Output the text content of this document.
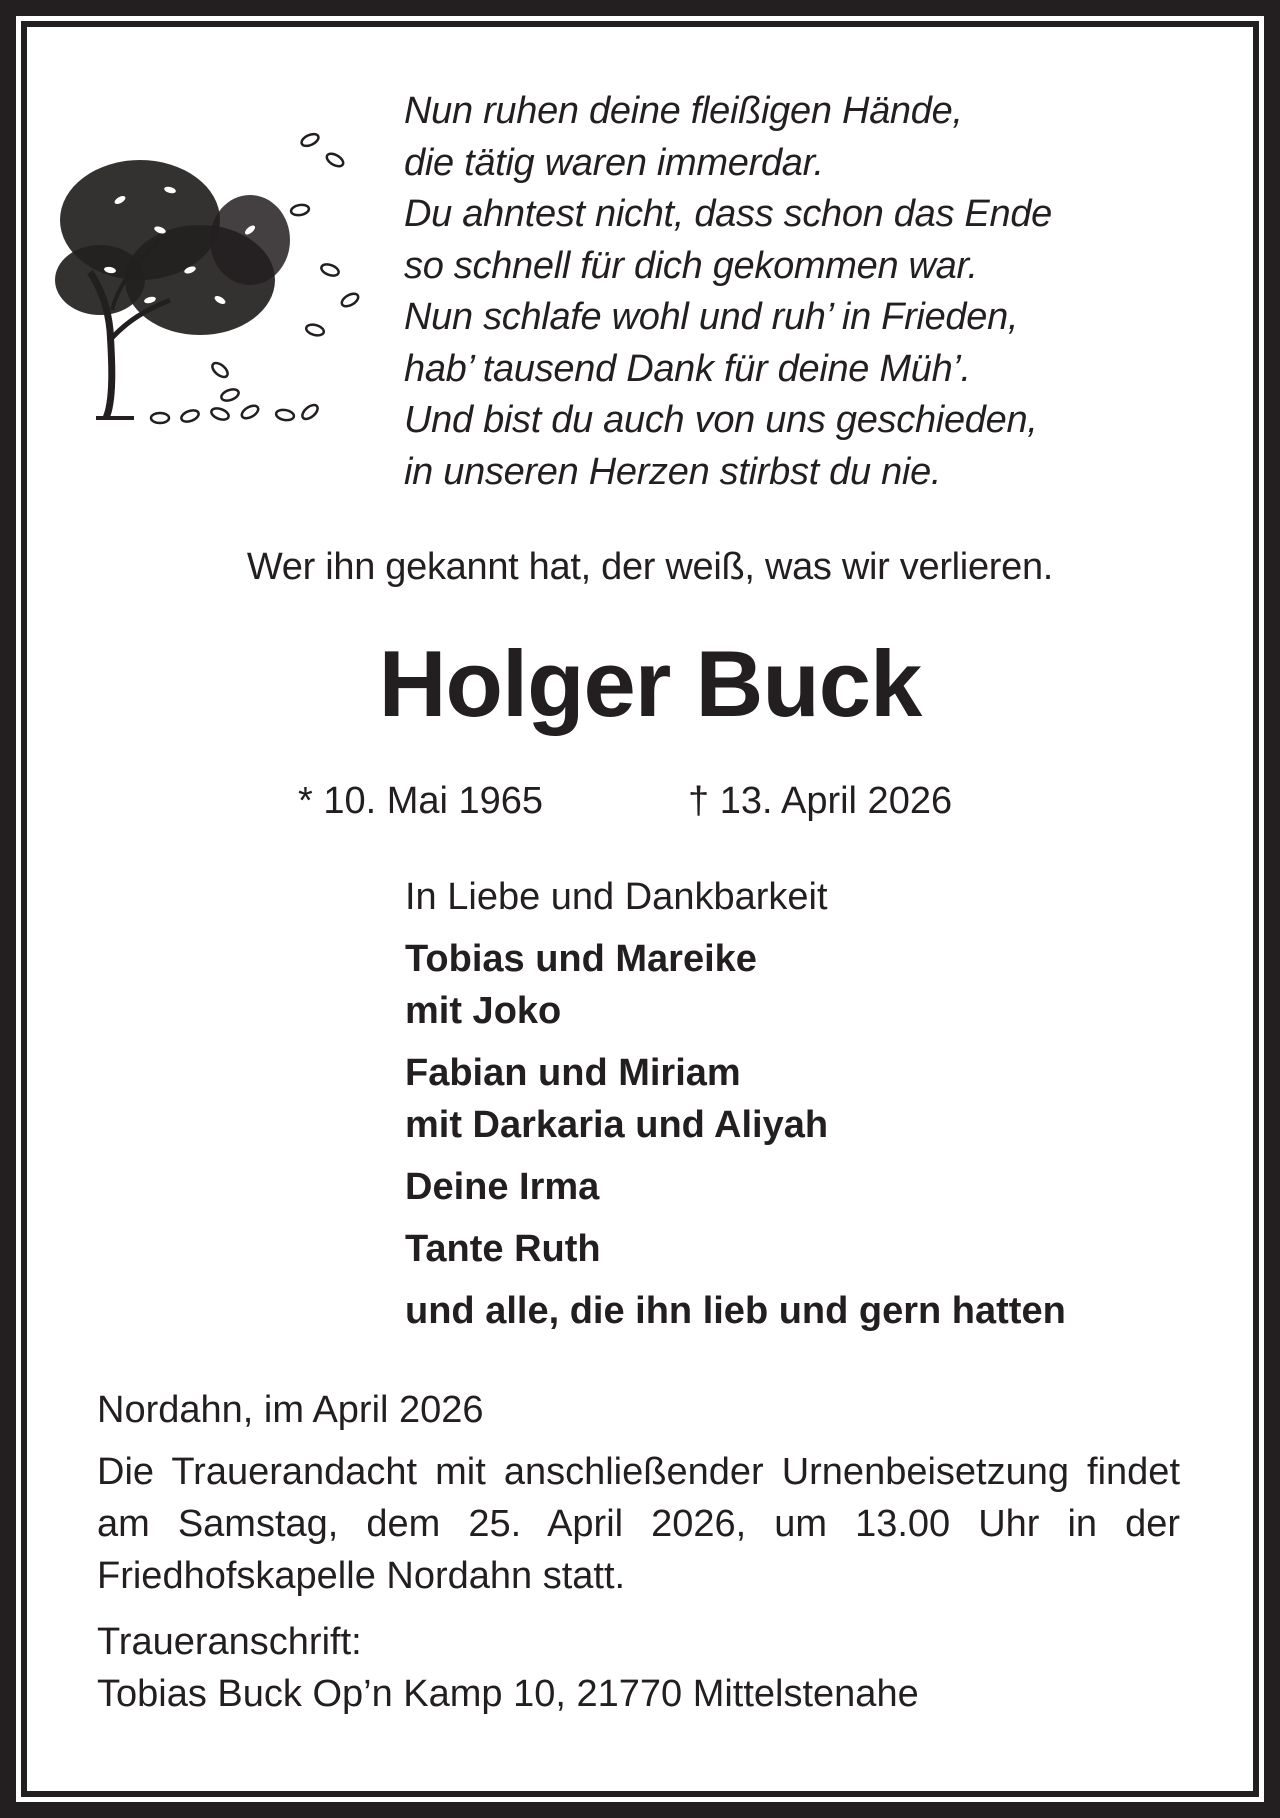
Nun ruhen deine fleißigen Hände,
die tätig waren immerdar.
Du ahntest nicht, dass schon das Ende
so schnell für dich gekommen war.
Nun schlafe wohl und ruh’ in Frieden,
hab’ tausend Dank für deine Müh’.
Und bist du auch von uns geschieden,
in unseren Herzen stirbst du nie.
Wer ihn gekannt hat, der weiß, was wir verlieren.
Holger Buck
* 10. Mai 1965	† 13. April 2026
In Liebe und Dankbarkeit
Tobias und Mareike
mit Joko
Fabian und Miriam
mit Darkaria und Aliyah
Deine Irma
Tante Ruth
und alle, die ihn lieb und gern hatten
Nordahn, im April 2026
Die Trauerandacht mit anschließender Urnenbeisetzung findet am Samstag, dem 25. April 2026, um 13.00 Uhr in der Friedhofskapelle Nordahn statt.
Traueranschrift:
Tobias Buck Op’n Kamp 10, 21770 Mittelstenahe
